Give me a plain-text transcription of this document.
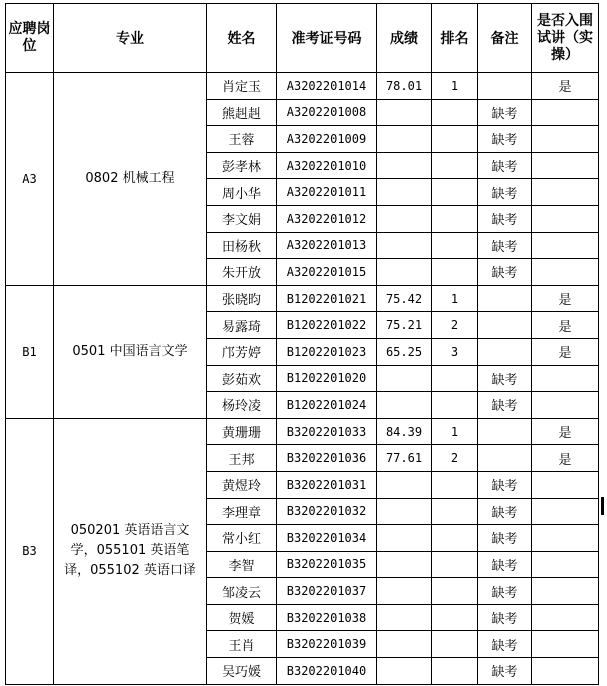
应聘岗位	专业	姓名	准考证号码	成绩	排名	备注	是否入围试讲（实操）
A3	0802 机械工程	肖定玉	A3202201014	78.01	1		是
		熊赳赳	A3202201008			缺考	
		王蓉	A3202201009			缺考	
		彭孝林	A3202201010			缺考	
		周小华	A3202201011			缺考	
		李文娟	A3202201012			缺考	
		田杨秋	A3202201013			缺考	
		朱开放	A3202201015			缺考	
B1	0501 中国语言文学	张晓昀	B1202201021	75.42	1		是
		易露琦	B1202201022	75.21	2		是
		邝芳婷	B1202201023	65.25	3		是
		彭茹欢	B1202201020			缺考	
		杨玲凌	B1202201024			缺考	
B3	050201 英语语言文学，055101 英语笔译，055102 英语口译	黄珊珊	B3202201033	84.39	1		是
		王邦	B3202201036	77.61	2		是
		黄煜玲	B3202201031			缺考	
		李理章	B3202201032			缺考	
		常小红	B3202201034			缺考	
		李智	B3202201035			缺考	
		邹凌云	B3202201037			缺考	
		贺媛	B3202201038			缺考	
		王肖	B3202201039			缺考	
		吴巧媛	B3202201040			缺考	
